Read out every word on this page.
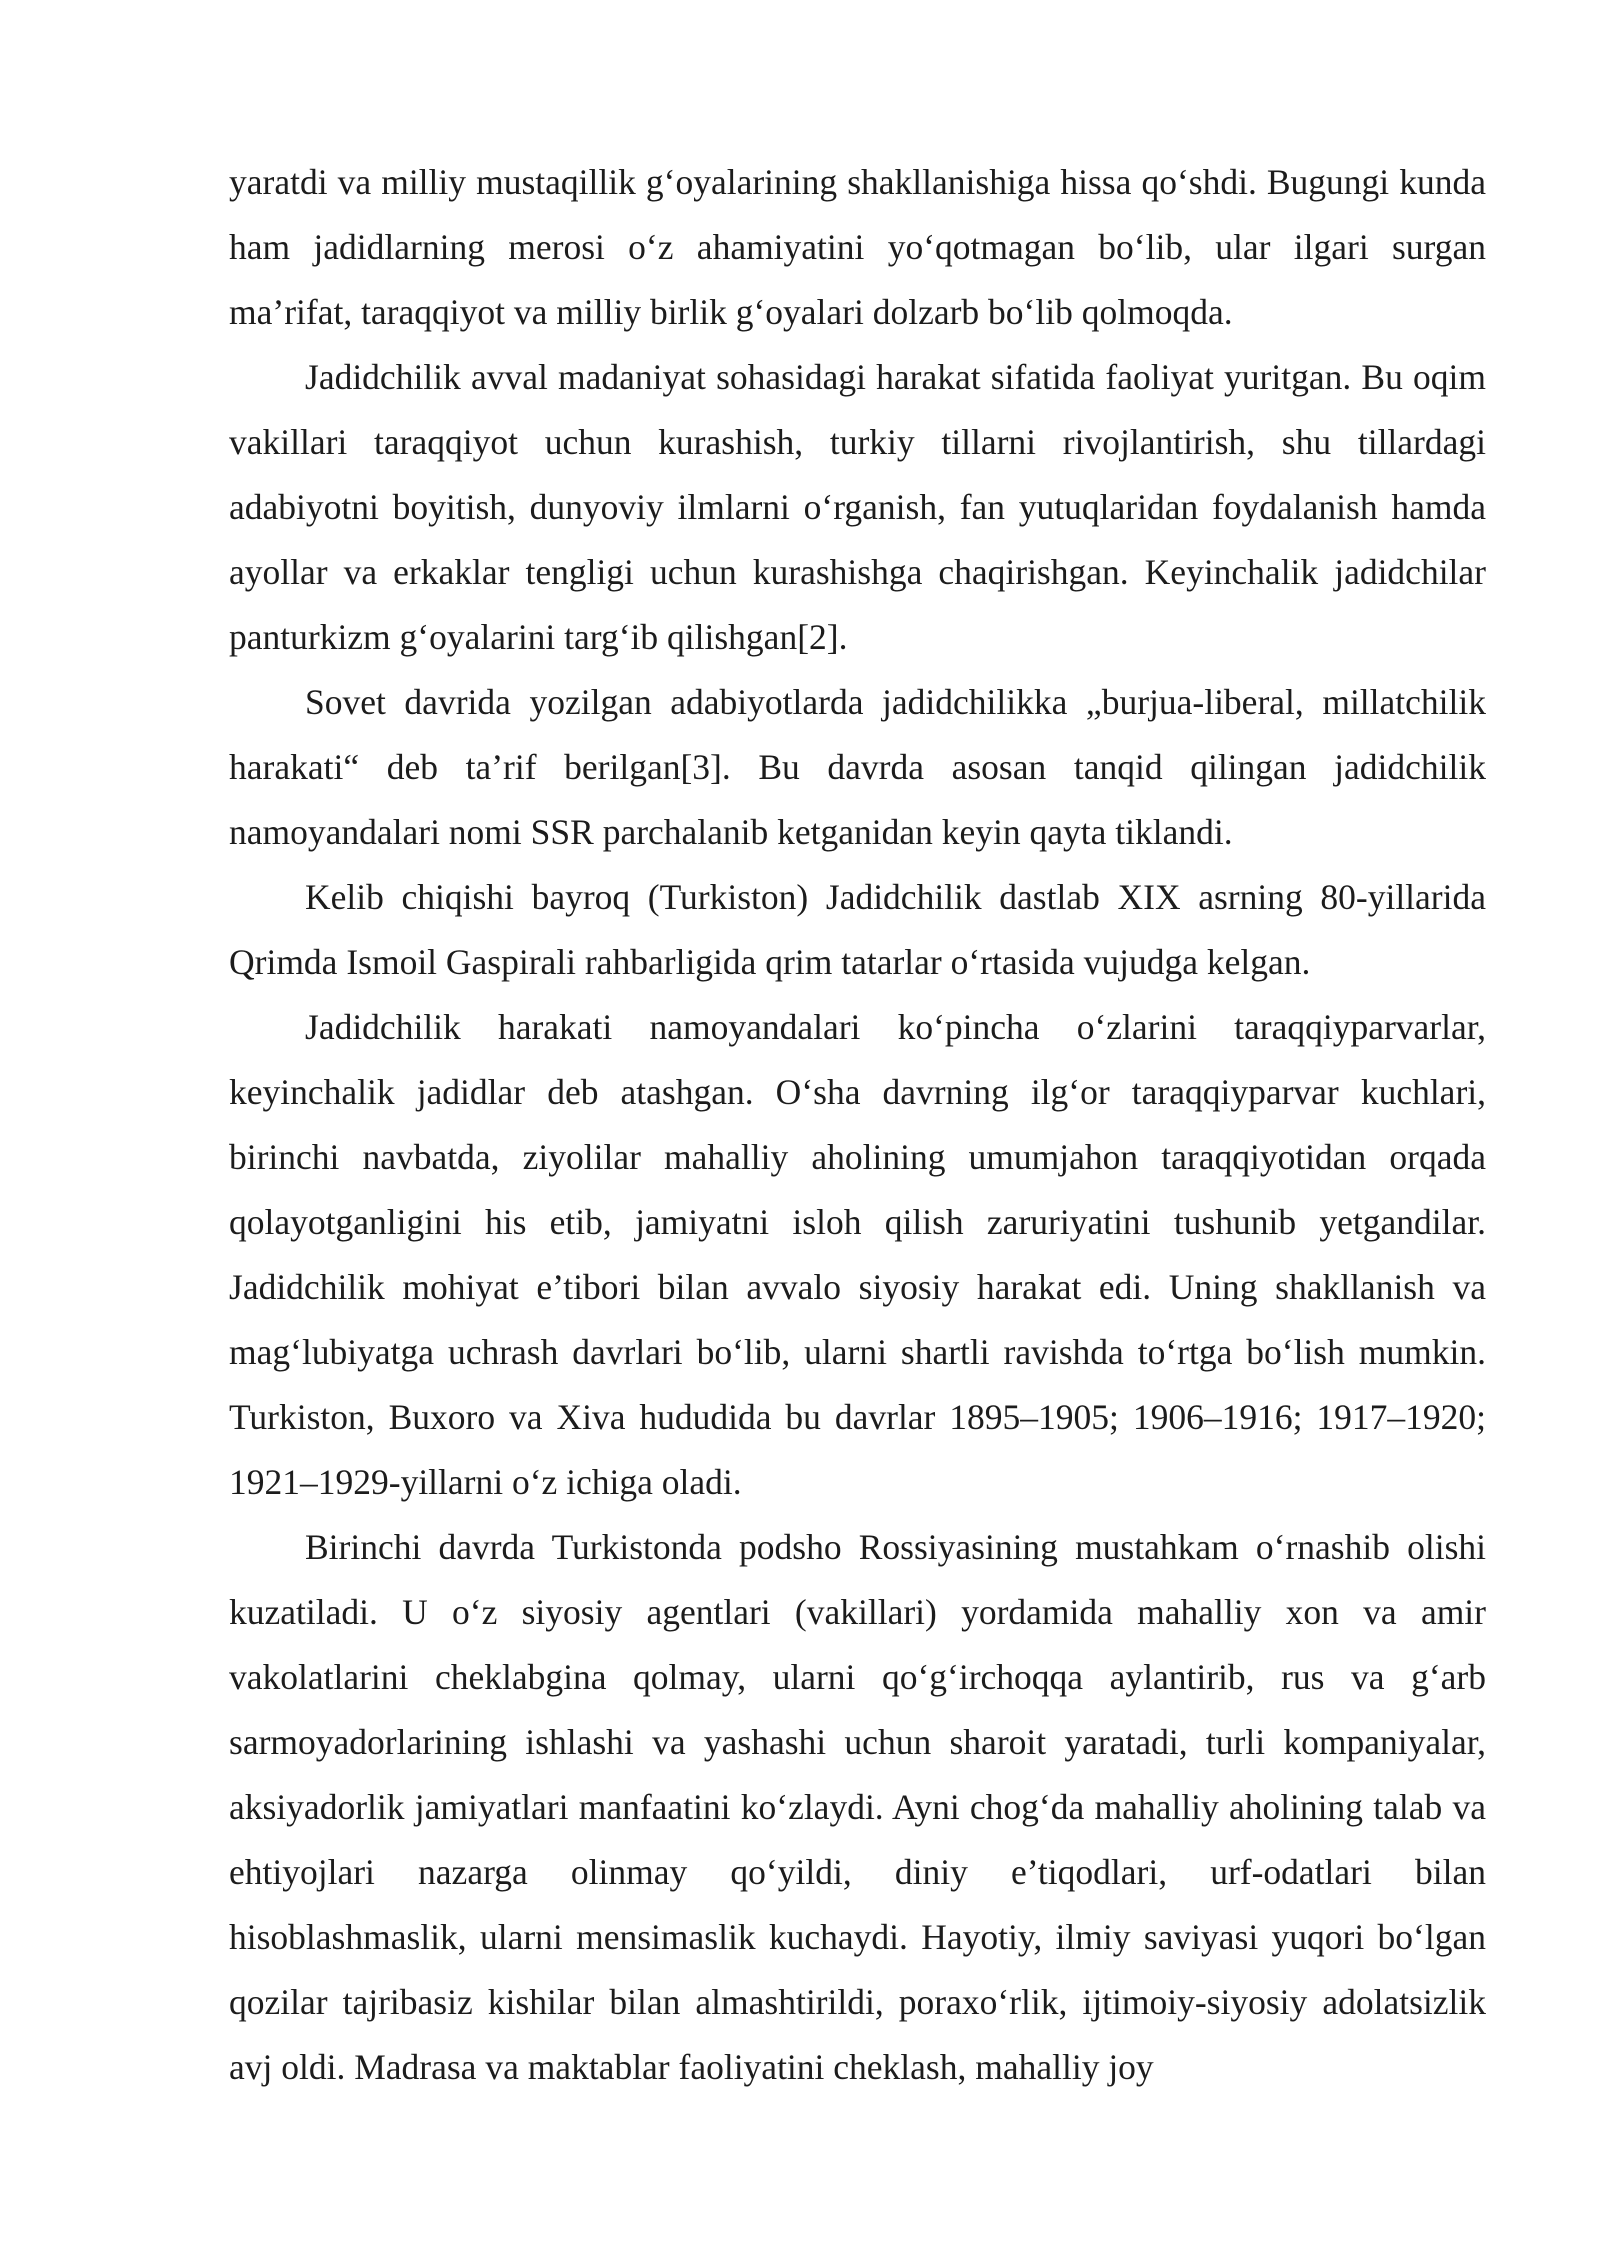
yaratdi va milliy mustaqillik g‘oyalarining shakllanishiga hissa qo‘shdi. Bugungi kunda ham jadidlarning merosi o‘z ahamiyatini yo‘qotmagan bo‘lib, ular ilgari surgan ma’rifat, taraqqiyot va milliy birlik g‘oyalari dolzarb bo‘lib qolmoqda.

Jadidchilik avval madaniyat sohasidagi harakat sifatida faoliyat yuritgan. Bu oqim vakillari taraqqiyot uchun kurashish, turkiy tillarni rivojlantirish, shu tillardagi adabiyotni boyitish, dunyoviy ilmlarni o‘rganish, fan yutuqlaridan foydalanish hamda ayollar va erkaklar tengligi uchun kurashishga chaqirishgan. Keyinchalik jadidchilar panturkizm g‘oyalarini targ‘ib qilishgan[2].

Sovet davrida yozilgan adabiyotlarda jadidchilikka „burjua-liberal, millatchilik harakati“ deb ta’rif berilgan[3]. Bu davrda asosan tanqid qilingan jadidchilik namoyandalari nomi SSR parchalanib ketganidan keyin qayta tiklandi.

Kelib chiqishi bayroq (Turkiston) Jadidchilik dastlab XIX asrning 80-yillarida Qrimda Ismoil Gaspirali rahbarligida qrim tatarlar o‘rtasida vujudga kelgan.

Jadidchilik harakati namoyandalari ko‘pincha o‘zlarini taraqqiyparvarlar, keyinchalik jadidlar deb atashgan. O‘sha davrning ilg‘or taraqqiyparvar kuchlari, birinchi navbatda, ziyolilar mahalliy aholining umumjahon taraqqiyotidan orqada qolayotganligini his etib, jamiyatni isloh qilish zaruriyatini tushunib yetgandilar. Jadidchilik mohiyat e’tibori bilan avvalo siyosiy harakat edi. Uning shakllanish va mag‘lubiyatga uchrash davrlari bo‘lib, ularni shartli ravishda to‘rtga bo‘lish mumkin. Turkiston, Buxoro va Xiva hududida bu davrlar 1895–1905; 1906–1916; 1917–1920; 1921–1929-yillarni o‘z ichiga oladi.

Birinchi davrda Turkistonda podsho Rossiyasining mustahkam o‘rnashib olishi kuzatiladi. U o‘z siyosiy agentlari (vakillari) yordamida mahalliy xon va amir vakolatlarini cheklabgina qolmay, ularni qo‘g‘irchoqqa aylantirib, rus va g‘arb sarmoyadorlarining ishlashi va yashashi uchun sharoit yaratadi, turli kompaniyalar, aksiyadorlik jamiyatlari manfaatini ko‘zlaydi. Ayni chog‘da mahalliy aholining talab va ehtiyojlari nazarga olinmay qo‘yildi, diniy e’tiqodlari, urf-odatlari bilan hisoblashmaslik, ularni mensimaslik kuchaydi. Hayotiy, ilmiy saviyasi yuqori bo‘lgan qozilar tajribasiz kishilar bilan almashtirildi, poraxo‘rlik, ijtimoiy-siyosiy adolatsizlik avj oldi. Madrasa va maktablar faoliyatini cheklash, mahalliy joy
